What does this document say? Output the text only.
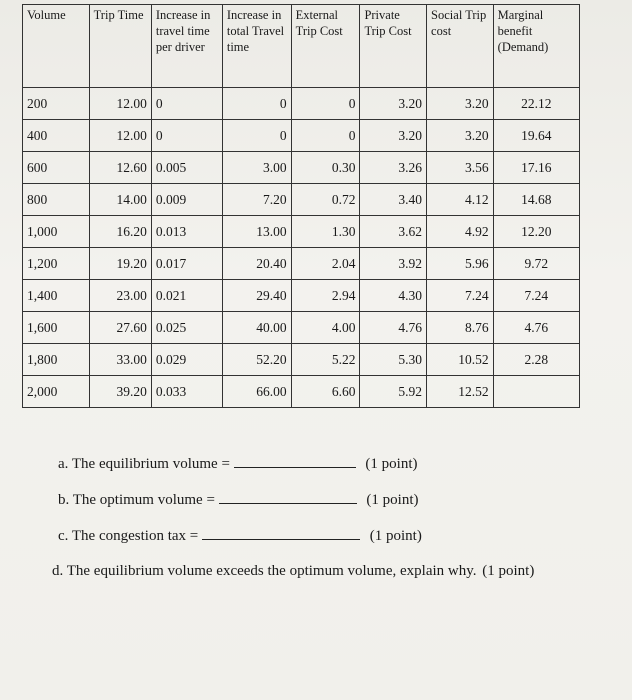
Volume	Trip Time	Increase in travel time per driver	Increase in total Travel time	External Trip Cost	Private Trip Cost	Social Trip cost	Marginal benefit (Demand)
200	12.00	0	0	0	3.20	3.20	22.12
400	12.00	0	0	0	3.20	3.20	19.64
600	12.60	0.005	3.00	0.30	3.26	3.56	17.16
800	14.00	0.009	7.20	0.72	3.40	4.12	14.68
1,000	16.20	0.013	13.00	1.30	3.62	4.92	12.20
1,200	19.20	0.017	20.40	2.04	3.92	5.96	9.72
1,400	23.00	0.021	29.40	2.94	4.30	7.24	7.24
1,600	27.60	0.025	40.00	4.00	4.76	8.76	4.76
1,800	33.00	0.029	52.20	5.22	5.30	10.52	2.28
2,000	39.20	0.033	66.00	6.60	5.92	12.52	
a. The equilibrium volume =	(1 point)
b. The optimum volume =	(1 point)
c. The congestion tax =	(1 point)
d. The equilibrium volume exceeds the optimum volume, explain why. (1 point)
